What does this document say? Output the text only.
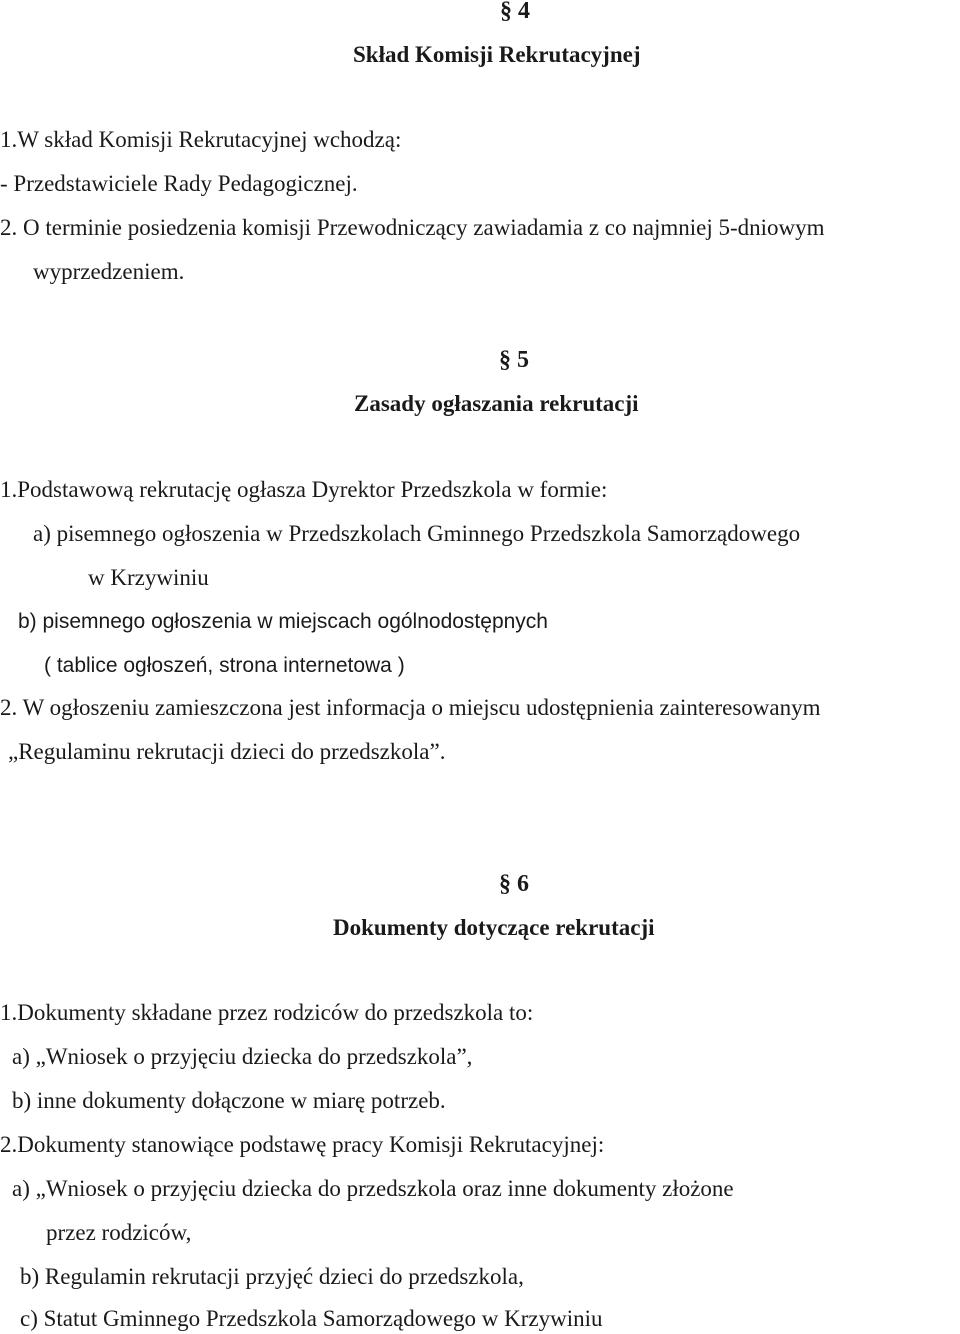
§ 4
Skład Komisji Rekrutacyjnej
1.W skład Komisji Rekrutacyjnej wchodzą:
- Przedstawiciele Rady Pedagogicznej.
2. O terminie posiedzenia komisji Przewodniczący zawiadamia z co najmniej 5-dniowym
wyprzedzeniem.
§ 5
Zasady ogłaszania rekrutacji
1.Podstawową rekrutację ogłasza Dyrektor Przedszkola w formie:
a) pisemnego ogłoszenia w Przedszkolach Gminnego Przedszkola Samorządowego
w Krzywiniu
b) pisemnego ogłoszenia w miejscach ogólnodostępnych
( tablice ogłoszeń, strona internetowa )
2. W ogłoszeniu zamieszczona jest informacja o miejscu udostępnienia zainteresowanym
„Regulaminu rekrutacji dzieci do przedszkola”.
§ 6
Dokumenty dotyczące rekrutacji
1.Dokumenty składane przez rodziców do przedszkola to:
a) „Wniosek o przyjęciu dziecka do przedszkola”,
b) inne dokumenty dołączone w miarę potrzeb.
2.Dokumenty stanowiące podstawę pracy Komisji Rekrutacyjnej:
a) „Wniosek o przyjęciu dziecka do przedszkola oraz inne dokumenty złożone
przez rodziców,
b) Regulamin rekrutacji przyjęć dzieci do przedszkola,
c) Statut Gminnego Przedszkola Samorządowego w Krzywiniu
